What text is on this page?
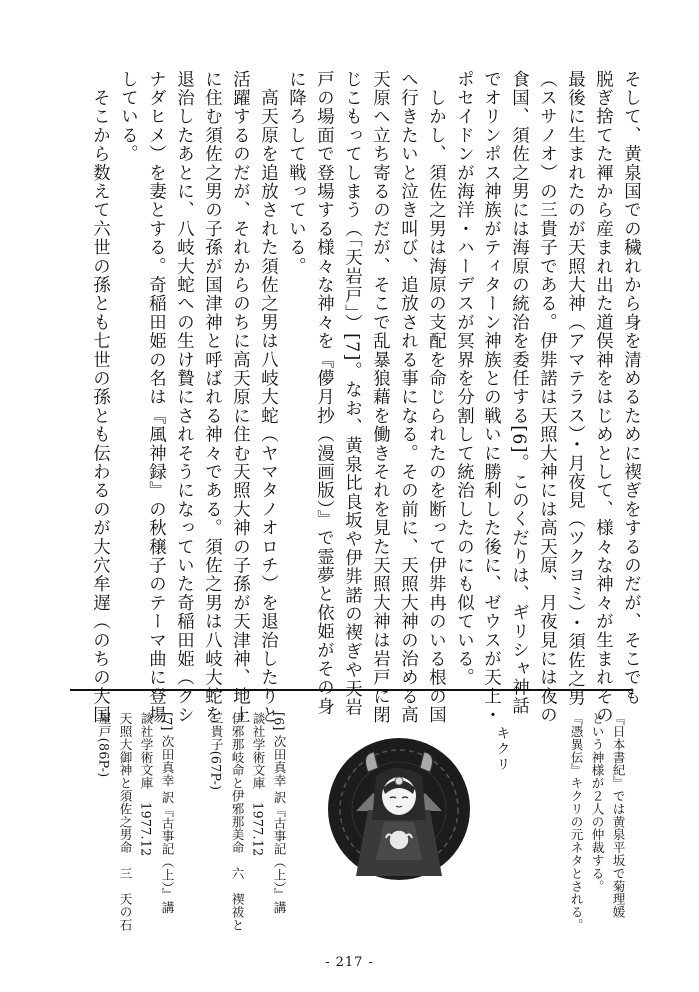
そして、黄泉国での穢れから身を清めるために禊ぎをするのだが、そこでも
脱ぎ捨てた褌から産まれ出た道俣神をはじめとして、様々な神々が生まれその
最後に生まれたのが天照大神（アマテラス）・月夜見（ツクヨミ）・須佐之男
（スサノオ）の三貴子である。伊弉諾は天照大神には高天原、月夜見には夜の
食国、須佐之男には海原の統治を委任する[6]。このくだりは、ギリシャ神話
でオリンポス神族がティターン神族との戦いに勝利した後に、ゼウスが天上・
ポセイドンが海洋・ハーデスが冥界を分割して統治したのにも似ている。
　しかし、須佐之男は海原の支配を命じられたのを断って伊弉冉のいる根の国
へ行きたいと泣き叫び、追放される事になる。その前に、天照大神の治める高
天原へ立ち寄るのだが、そこで乱暴狼藉を働きそれを見た天照大神は岩戸に閉
じこもってしまう（「天岩戸」）[7]。なお、黄泉比良坂や伊弉諾の禊ぎや天岩
戸の場面で登場する様々な神々を『儚月抄（漫画版）』で霊夢と依姫がその身
に降ろして戦っている。
　高天原を追放された須佐之男は八岐大蛇（ヤマタノオロチ）を退治したりと
活躍するのだが、それからのちに高天原に住む天照大神の子孫が天津神、地上
に住む須佐之男の子孫が国津神と呼ばれる神々である。須佐之男は八岐大蛇を
退治したあとに、八岐大蛇への生け贄にされそうになっていた奇稲田姫（クシ
ナダヒメ）を妻とする。奇稲田姫の名は『風神録』の秋穣子のテーマ曲に登場
している。
　そこから数えて六世の孫とも七世の孫とも伝わるのが大穴牟遅（のちの大国
『日本書紀』では黄泉平坂で菊理媛
という神様が２人の仲裁する。
『憑異伝』キクリの元ネタとされる。
キクリ
[6] 次田真幸 訳『古事記（上）』講
談社学術文庫　1977.12
伊邪那岐命と伊邪那美命　六　禊祓と
三貴子(67P-)
[7] 次田真幸 訳『古事記（上）』講
談社学術文庫　1977.12
天照大御神と須佐之男命　三　天の石
屋戸(86P-)
- 217 -
